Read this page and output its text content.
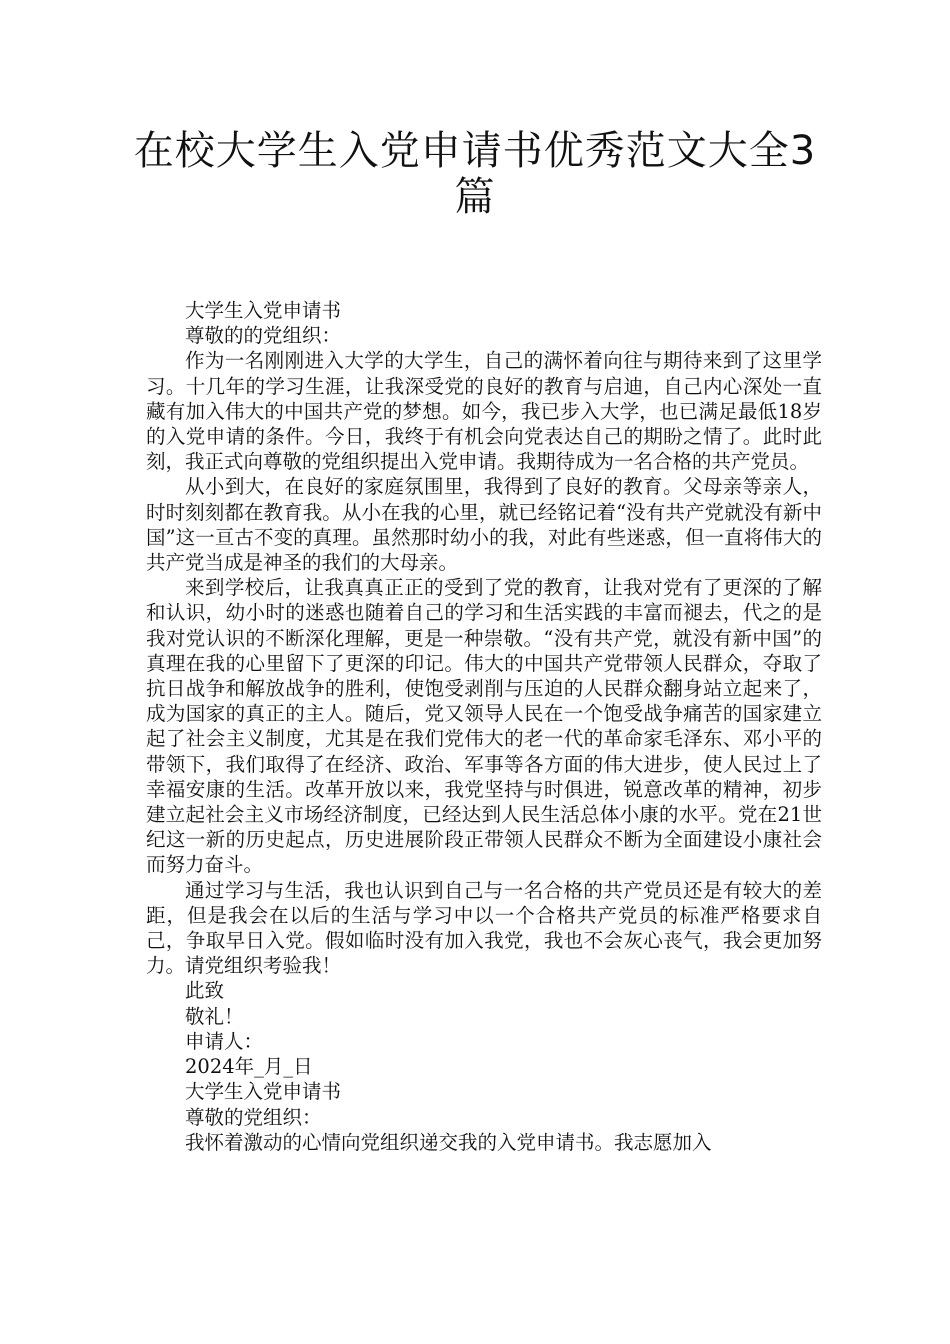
在校大学生入党申请书优秀范文大全3篇

大学生入党申请书

尊敬的的党组织：

作为一名刚刚进入大学的大学生，自己的满怀着向往与期待来到了这里学习。十几年的学习生涯，让我深受党的良好的教育与启迪，自己内心深处一直藏有加入伟大的中国共产党的梦想。如今，我已步入大学，也已满足最低18岁的入党申请的条件。今日，我终于有机会向党表达自己的期盼之情了。此时此刻，我正式向尊敬的党组织提出入党申请。我期待成为一名合格的共产党员。

从小到大，在良好的家庭氛围里，我得到了良好的教育。父母亲等亲人，时时刻刻都在教育我。从小在我的心里，就已经铭记着“没有共产党就没有新中国”这一亘古不变的真理。虽然那时幼小的我，对此有些迷惑，但一直将伟大的共产党当成是神圣的我们的大母亲。

来到学校后，让我真真正正的受到了党的教育，让我对党有了更深的了解和认识，幼小时的迷惑也随着自己的学习和生活实践的丰富而褪去，代之的是我对党认识的不断深化理解，更是一种崇敬。“没有共产党，就没有新中国”的真理在我的心里留下了更深的印记。伟大的中国共产党带领人民群众，夺取了抗日战争和解放战争的胜利，使饱受剥削与压迫的人民群众翻身站立起来了，成为国家的真正的主人。随后，党又领导人民在一个饱受战争痛苦的国家建立起了社会主义制度，尤其是在我们党伟大的老一代的革命家毛泽东、邓小平的带领下，我们取得了在经济、政治、军事等各方面的伟大进步，使人民过上了幸福安康的生活。改革开放以来，我党坚持与时俱进，锐意改革的精神，初步建立起社会主义市场经济制度，已经达到人民生活总体小康的水平。党在21世纪这一新的历史起点，历史进展阶段正带领人民群众不断为全面建设小康社会而努力奋斗。

通过学习与生活，我也认识到自己与一名合格的共产党员还是有较大的差距，但是我会在以后的生活与学习中以一个合格共产党员的标准严格要求自己，争取早日入党。假如临时没有加入我党，我也不会灰心丧气，我会更加努力。请党组织考验我！

此致

敬礼！

申请人：

2024年_月_日

大学生入党申请书

尊敬的党组织：

我怀着激动的心情向党组织递交我的入党申请书。我志愿加入
